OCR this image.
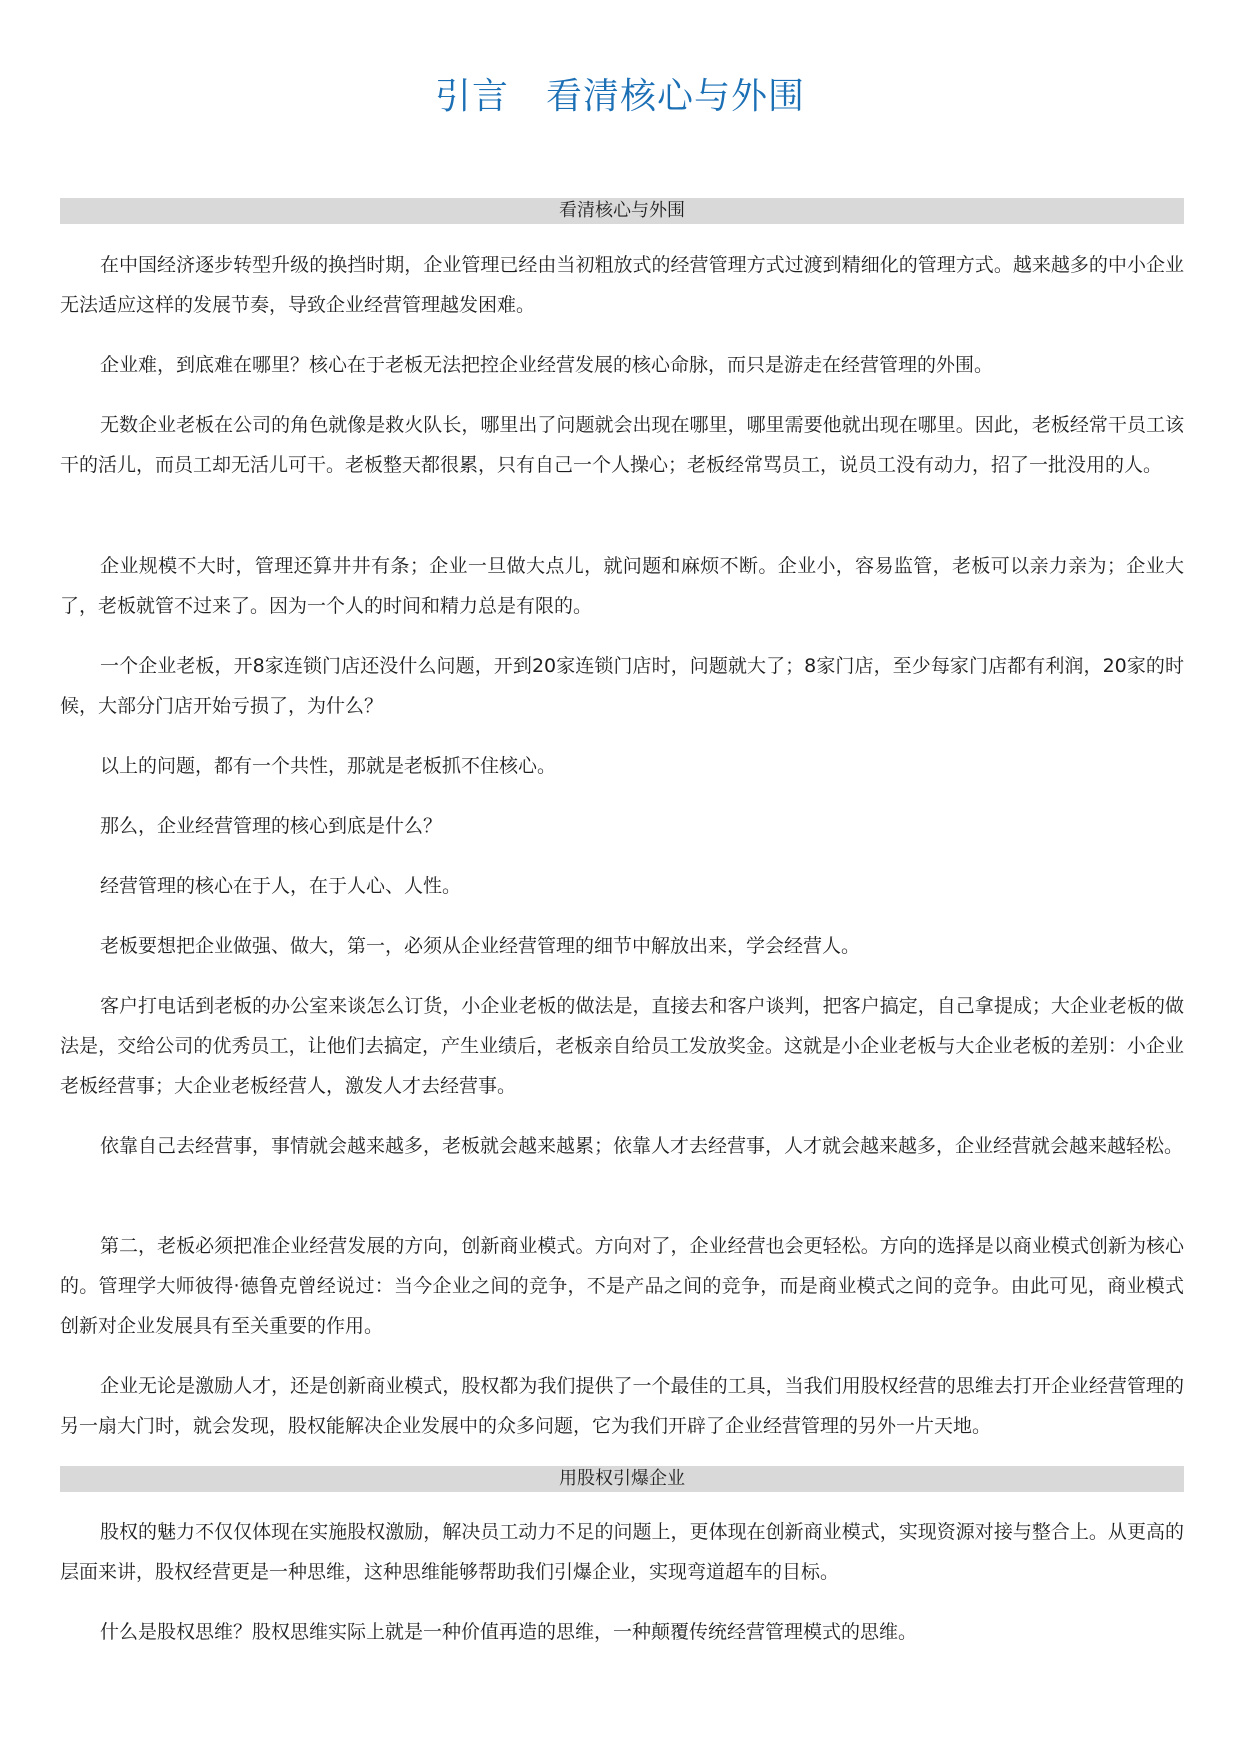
引言　看清核心与外围
看清核心与外围

在中国经济逐步转型升级的换挡时期，企业管理已经由当初粗放式的经营管理方式过渡到精细化的管理方式。越来越多的中小企业无法适应这样的发展节奏，导致企业经营管理越发困难。

企业难，到底难在哪里？核心在于老板无法把控企业经营发展的核心命脉，而只是游走在经营管理的外围。

无数企业老板在公司的角色就像是救火队长，哪里出了问题就会出现在哪里，哪里需要他就出现在哪里。因此，老板经常干员工该干的活儿，而员工却无活儿可干。老板整天都很累，只有自己一个人操心；老板经常骂员工，说员工没有动力，招了一批没用的人。

企业规模不大时，管理还算井井有条；企业一旦做大点儿，就问题和麻烦不断。企业小，容易监管，老板可以亲力亲为；企业大了，老板就管不过来了。因为一个人的时间和精力总是有限的。

一个企业老板，开8家连锁门店还没什么问题，开到20家连锁门店时，问题就大了；8家门店，至少每家门店都有利润，20家的时候，大部分门店开始亏损了，为什么？

以上的问题，都有一个共性，那就是老板抓不住核心。

那么，企业经营管理的核心到底是什么？

经营管理的核心在于人，在于人心、人性。

老板要想把企业做强、做大，第一，必须从企业经营管理的细节中解放出来，学会经营人。

客户打电话到老板的办公室来谈怎么订货，小企业老板的做法是，直接去和客户谈判，把客户搞定，自己拿提成；大企业老板的做法是，交给公司的优秀员工，让他们去搞定，产生业绩后，老板亲自给员工发放奖金。这就是小企业老板与大企业老板的差别：小企业老板经营事；大企业老板经营人，激发人才去经营事。

依靠自己去经营事，事情就会越来越多，老板就会越来越累；依靠人才去经营事，人才就会越来越多，企业经营就会越来越轻松。

第二，老板必须把准企业经营发展的方向，创新商业模式。方向对了，企业经营也会更轻松。方向的选择是以商业模式创新为核心的。管理学大师彼得·德鲁克曾经说过：当今企业之间的竞争，不是产品之间的竞争，而是商业模式之间的竞争。由此可见，商业模式创新对企业发展具有至关重要的作用。

企业无论是激励人才，还是创新商业模式，股权都为我们提供了一个最佳的工具，当我们用股权经营的思维去打开企业经营管理的另一扇大门时，就会发现，股权能解决企业发展中的众多问题，它为我们开辟了企业经营管理的另外一片天地。

用股权引爆企业

股权的魅力不仅仅体现在实施股权激励，解决员工动力不足的问题上，更体现在创新商业模式，实现资源对接与整合上。从更高的层面来讲，股权经营更是一种思维，这种思维能够帮助我们引爆企业，实现弯道超车的目标。

什么是股权思维？股权思维实际上就是一种价值再造的思维，一种颠覆传统经营管理模式的思维。
